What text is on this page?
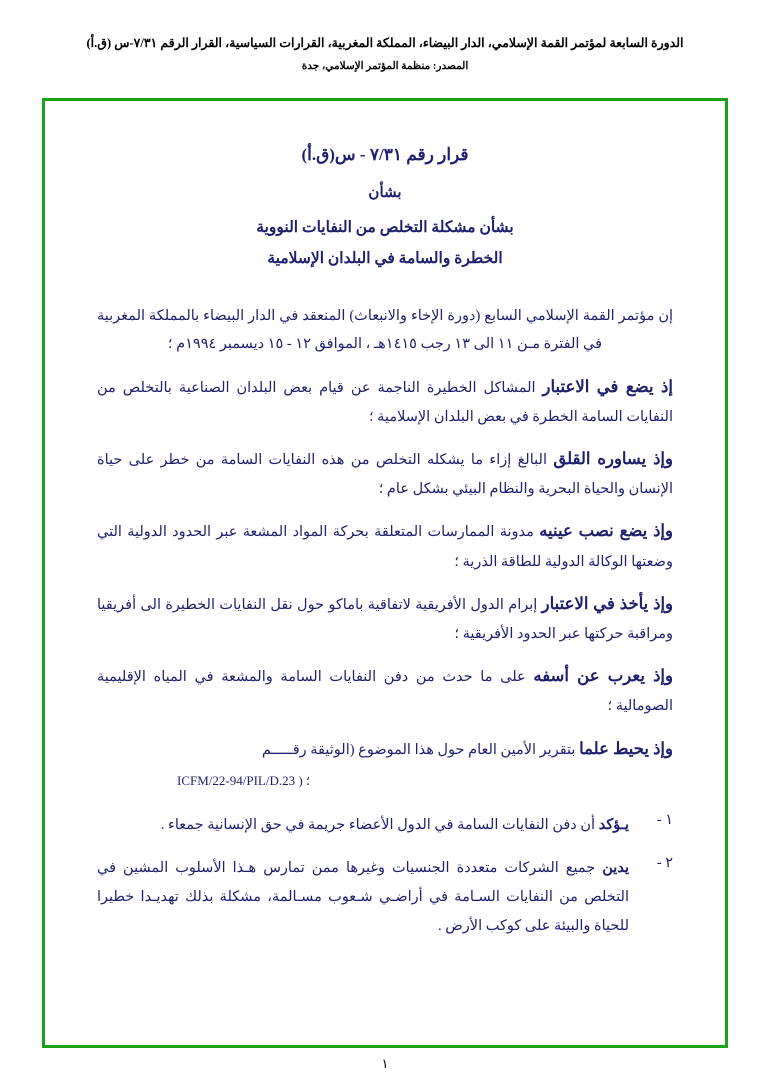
الدورة السابعة لمؤتمر القمة الإسلامي، الدار البيضاء، المملكة المغربية، القرارات السياسية، القرار الرقم ٧/٣١-س (ق.أ)
المصدر: منظمة المؤتمر الإسلامي، جدة
قرار رقم ٧/٣١ - س(ق.أ)
بشأن
بشأن مشكلة التخلص من النفايات النووية
الخطرة والسامة في البلدان الإسلامية

إن مؤتمر القمة الإسلامي السابع (دورة الإخاء والانبعاث) المنعقد في الدار البيضاء بالمملكة المغربية في الفترة مـن ١١ الى ١٣ رجب ١٤١٥هـ ، الموافق ١٢ - ١٥ ديسمبر ١٩٩٤م ؛

إذ يضع في الاعتبار المشاكل الخطيرة الناجمة عن قيام بعض البلدان الصناعية بالتخلص من النفايات السامة الخطرة في بعض البلدان الإسلامية ؛

وإذ يساوره القلق البالغ إزاء ما يشكله التخلص من هذه النفايات السامة من خطر على حياة الإنسان والحياة البحرية والنظام البيئي بشكل عام ؛

وإذ يضع نصب عينيه مدونة الممارسات المتعلقة بحركة المواد المشعة عبر الحدود الدولية التي وضعتها الوكالة الدولية للطاقة الذرية ؛

وإذ يأخذ في الاعتبار إبرام الدول الأفريقية لاتفاقية باماكو حول نقل النفايات الخطيرة الى أفريقيا ومراقبة حركتها عبر الحدود الأفريقية ؛

وإذ يعرب عن أسفه على ما حدث من دفن النفايات السامة والمشعة في المياه الإقليمية الصومالية ؛

وإذ يحيط علما بتقرير الأمين العام حول هذا الموضوع (الوثيقة رقـــــم

ICFM/22-94/PIL/D.23 ) ؛
١ -
يـؤكد أن دفن النفايات السامة في الدول الأعضاء جريمة في حق الإنسانية جمعاء .
٢ -
يدين جميع الشركات متعددة الجنسيات وغيرها ممن تمارس هـذا الأسلوب المشين في التخلص من النفايات السـامة في أراضـي شـعوب مسـالمة، مشكلة بذلك تهديـدا خطيرا للحياة والبيئة على كوكب الأرض .
١
